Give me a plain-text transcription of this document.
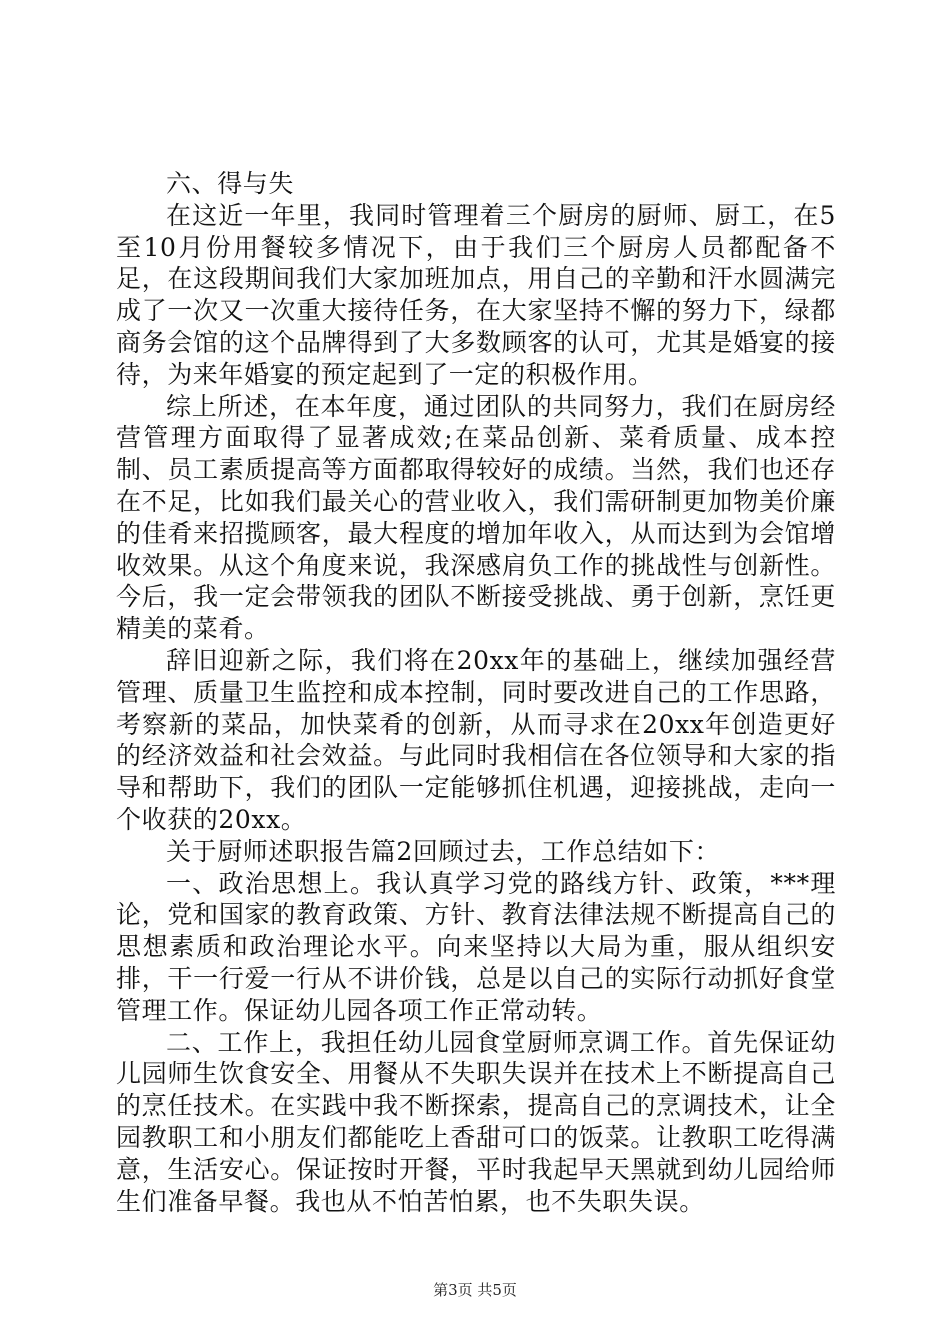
六、得与失

在这近一年里，我同时管理着三个厨房的厨师、厨工，在5至10月份用餐较多情况下，由于我们三个厨房人员都配备不足，在这段期间我们大家加班加点，用自己的辛勤和汗水圆满完成了一次又一次重大接待任务，在大家坚持不懈的努力下，绿都商务会馆的这个品牌得到了大多数顾客的认可，尤其是婚宴的接待，为来年婚宴的预定起到了一定的积极作用。

综上所述，在本年度，通过团队的共同努力，我们在厨房经营管理方面取得了显著成效;在菜品创新、菜肴质量、成本控制、员工素质提高等方面都取得较好的成绩。当然，我们也还存在不足，比如我们最关心的营业收入，我们需研制更加物美价廉的佳肴来招揽顾客，最大程度的增加年收入，从而达到为会馆增收效果。从这个角度来说，我深感肩负工作的挑战性与创新性。今后，我一定会带领我的团队不断接受挑战、勇于创新，烹饪更精美的菜肴。

辞旧迎新之际，我们将在20xx年的基础上，继续加强经营管理、质量卫生监控和成本控制，同时要改进自己的工作思路，考察新的菜品，加快菜肴的创新，从而寻求在20xx年创造更好的经济效益和社会效益。与此同时我相信在各位领导和大家的指导和帮助下，我们的团队一定能够抓住机遇，迎接挑战，走向一个收获的20xx。

关于厨师述职报告篇2回顾过去，工作总结如下：

一、政治思想上。我认真学习党的路线方针、政策，***理论，党和国家的教育政策、方针、教育法律法规不断提高自己的思想素质和政治理论水平。向来坚持以大局为重，服从组织安排，干一行爱一行从不讲价钱，总是以自己的实际行动抓好食堂管理工作。保证幼儿园各项工作正常动转。

二、工作上，我担任幼儿园食堂厨师烹调工作。首先保证幼儿园师生饮食安全、用餐从不失职失误并在技术上不断提高自己的烹任技术。在实践中我不断探索，提高自己的烹调技术，让全园教职工和小朋友们都能吃上香甜可口的饭菜。让教职工吃得满意，生活安心。保证按时开餐，平时我起早天黑就到幼儿园给师生们准备早餐。我也从不怕苦怕累，也不失职失误。

第3页 共5页
